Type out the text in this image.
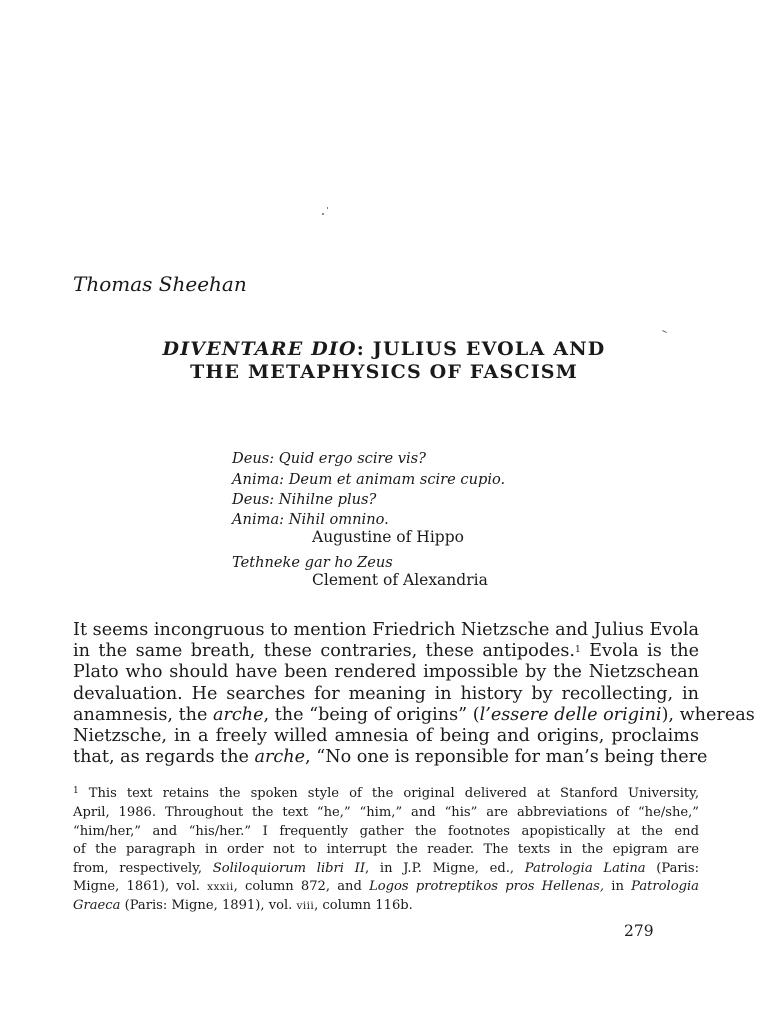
Thomas Sheehan
DIVENTARE DIO: JULIUS EVOLA AND
THE METAPHYSICS OF FASCISM
Deus: Quid ergo scire vis?
Anima: Deum et animam scire cupio.
Deus: Nihilne plus?
Anima: Nihil omnino.
Augustine of Hippo
Tethneke gar ho Zeus
Clement of Alexandria
It seems incongruous to mention Friedrich Nietzsche and Julius Evola
in the same breath, these contraries, these antipodes.$^1$ Evola is the
Plato who should have been rendered impossible by the Nietzschean
devaluation. He searches for meaning in history by recollecting, in
anamnesis, the arche, the “being of origins” (l’essere delle origini), whereas
Nietzsche, in a freely willed amnesia of being and origins, proclaims
that, as regards the arche, “No one is reponsible for man’s being there
$^1$ This text retains the spoken style of the original delivered at Stanford University,
April, 1986. Throughout the text “he,” “him,” and “his” are abbreviations of “he/she,”
“him/her,” and “his/her.” I frequently gather the footnotes apopistically at the end
of the paragraph in order not to interrupt the reader. The texts in the epigram are
from, respectively, Soliloquiorum libri II, in J.P. Migne, ed., Patrologia Latina (Paris:
Migne, 1861), vol. xxxii, column 872, and Logos protreptikos pros Hellenas, in Patrologia
Graeca (Paris: Migne, 1891), vol. viii, column 116b.
279
